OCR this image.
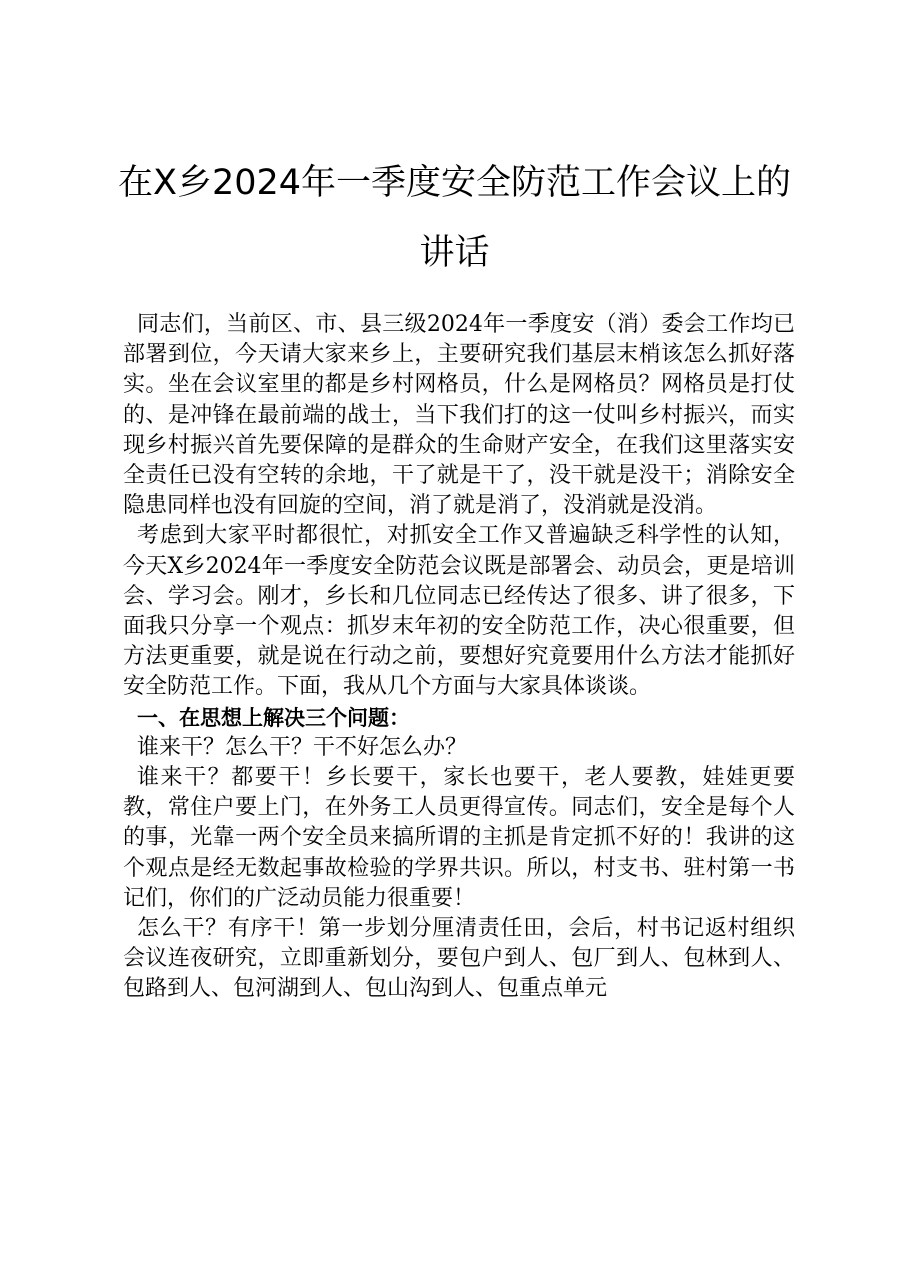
在X乡2024年一季度安全防范工作会议上的
讲话

同志们，当前区、市、县三级2024年一季度安（消）委会工作均已部署到位，今天请大家来乡上，主要研究我们基层末梢该怎么抓好落实。坐在会议室里的都是乡村网格员，什么是网格员？网格员是打仗的、是冲锋在最前端的战士，当下我们打的这一仗叫乡村振兴，而实现乡村振兴首先要保障的是群众的生命财产安全，在我们这里落实安全责任已没有空转的余地，干了就是干了，没干就是没干；消除安全隐患同样也没有回旋的空间，消了就是消了，没消就是没消。

考虑到大家平时都很忙，对抓安全工作又普遍缺乏科学性的认知，今天X乡2024年一季度安全防范会议既是部署会、动员会，更是培训会、学习会。刚才，乡长和几位同志已经传达了很多、讲了很多，下面我只分享一个观点：抓岁末年初的安全防范工作，决心很重要，但方法更重要，就是说在行动之前，要想好究竟要用什么方法才能抓好安全防范工作。下面，我从几个方面与大家具体谈谈。

一、在思想上解决三个问题：

谁来干？怎么干？干不好怎么办？

谁来干？都要干！乡长要干，家长也要干，老人要教，娃娃更要教，常住户要上门，在外务工人员更得宣传。同志们，安全是每个人的事，光靠一两个安全员来搞所谓的主抓是肯定抓不好的！我讲的这个观点是经无数起事故检验的学界共识。所以，村支书、驻村第一书记们，你们的广泛动员能力很重要！

怎么干？有序干！第一步划分厘清责任田，会后，村书记返村组织会议连夜研究，立即重新划分，要包户到人、包厂到人、包林到人、包路到人、包河湖到人、包山沟到人、包重点单元
